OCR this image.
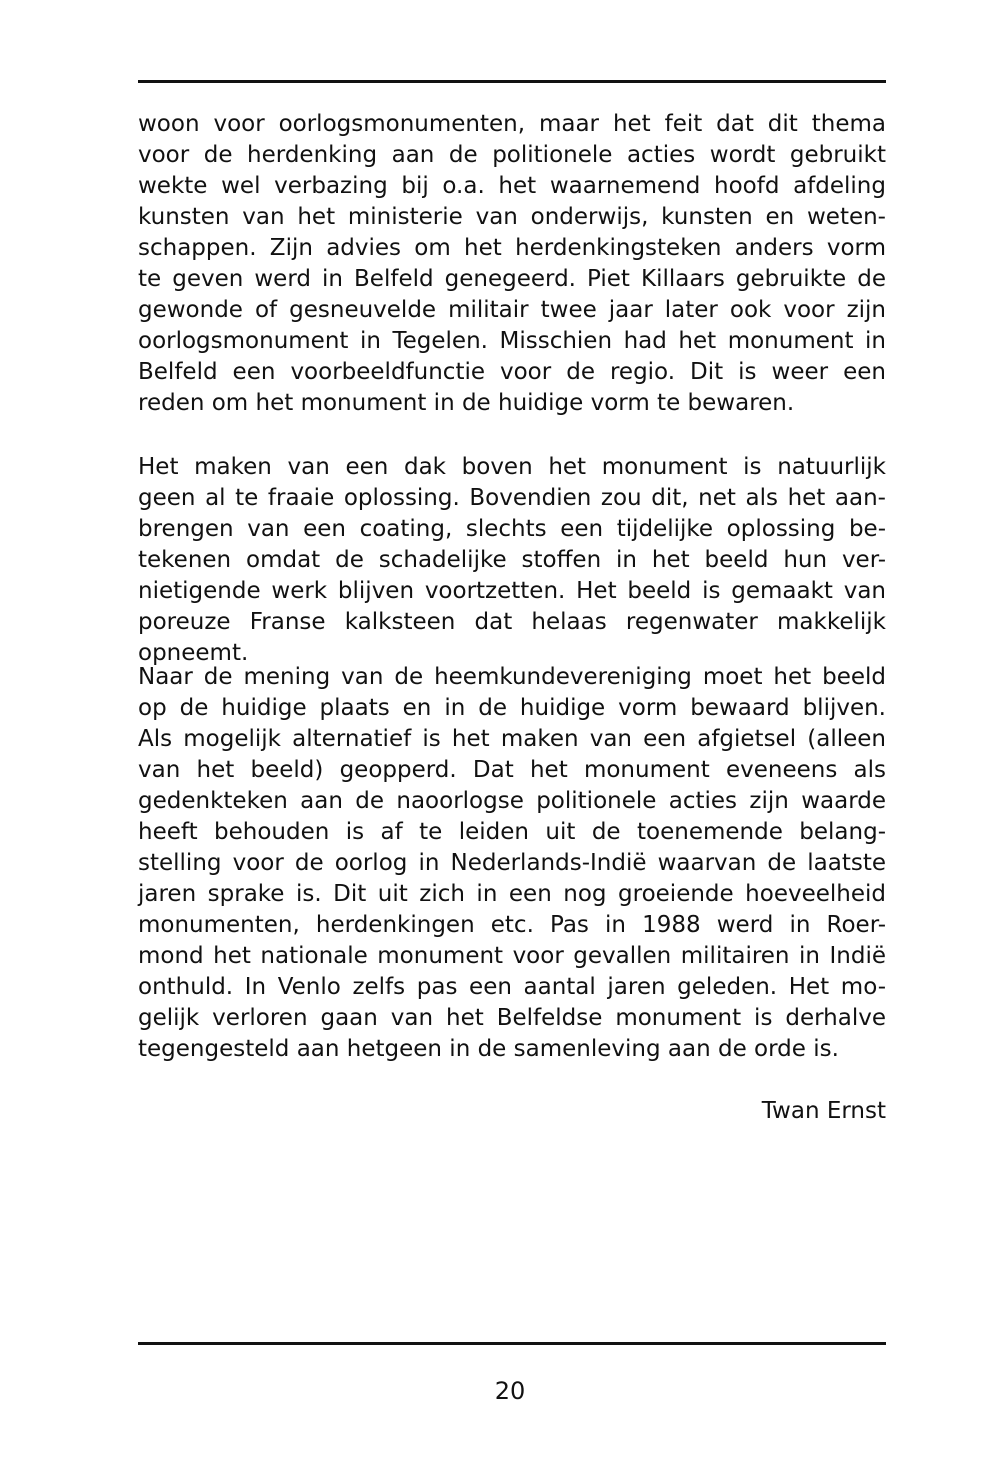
woon voor oorlogsmonumenten, maar het feit dat dit thema
voor de herdenking aan de politionele acties wordt gebruikt
wekte wel verbazing bij o.a. het waarnemend hoofd afdeling
kunsten van het ministerie van onderwijs, kunsten en weten-
schappen. Zijn advies om het herdenkingsteken anders vorm
te geven werd in Belfeld genegeerd. Piet Killaars gebruikte de
gewonde of gesneuvelde militair twee jaar later ook voor zijn
oorlogsmonument in Tegelen. Misschien had het monument in
Belfeld een voorbeeldfunctie voor de regio. Dit is weer een
reden om het monument in de huidige vorm te bewaren.
Het maken van een dak boven het monument is natuurlijk
geen al te fraaie oplossing. Bovendien zou dit, net als het aan-
brengen van een coating, slechts een tijdelijke oplossing be-
tekenen omdat de schadelijke stoffen in het beeld hun ver-
nietigende werk blijven voortzetten. Het beeld is gemaakt van
poreuze Franse kalksteen dat helaas regenwater makkelijk
opneemt.
Naar de mening van de heemkundevereniging moet het beeld
op de huidige plaats en in de huidige vorm bewaard blijven.
Als mogelijk alternatief is het maken van een afgietsel (alleen
van het beeld) geopperd. Dat het monument eveneens als
gedenkteken aan de naoorlogse politionele acties zijn waarde
heeft behouden is af te leiden uit de toenemende belang-
stelling voor de oorlog in Nederlands-Indië waarvan de laatste
jaren sprake is. Dit uit zich in een nog groeiende hoeveelheid
monumenten, herdenkingen etc. Pas in 1988 werd in Roer-
mond het nationale monument voor gevallen militairen in Indië
onthuld. In Venlo zelfs pas een aantal jaren geleden. Het mo-
gelijk verloren gaan van het Belfeldse monument is derhalve
tegengesteld aan hetgeen in de samenleving aan de orde is.
Twan Ernst
20
